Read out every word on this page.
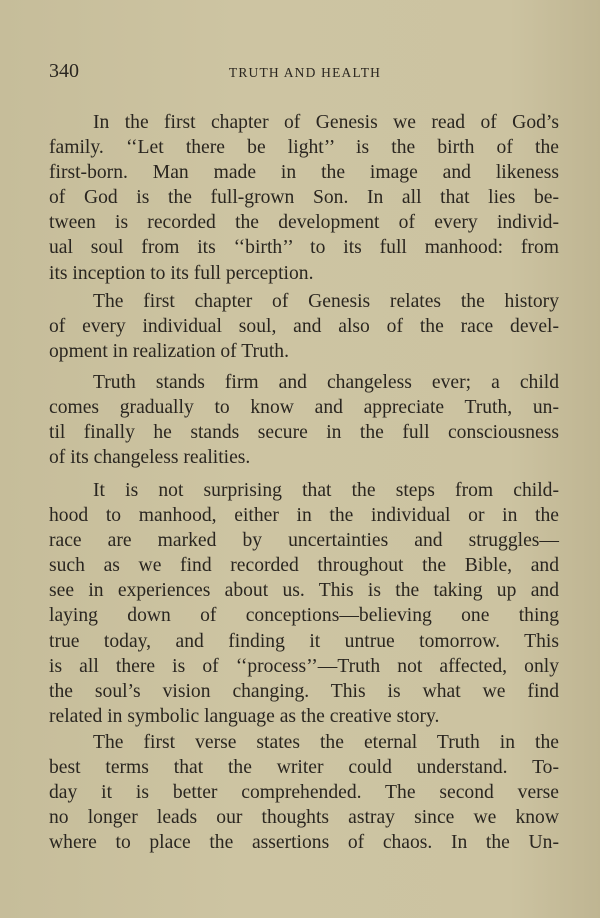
340	TRUTH AND HEALTH
In the first chapter of Genesis we read of God’s
family. ‘‘Let there be light’’ is the birth of the
first-born. Man made in the image and likeness
of God is the full-grown Son. In all that lies be-
tween is recorded the development of every individ-
ual soul from its ‘‘birth’’ to its full manhood: from
its inception to its full perception.
The first chapter of Genesis relates the history
of every individual soul, and also of the race devel-
opment in realization of Truth.
Truth stands firm and changeless ever; a child
comes gradually to know and appreciate Truth, un-
til finally he stands secure in the full consciousness
of its changeless realities.
It is not surprising that the steps from child-
hood to manhood, either in the individual or in the
race are marked by uncertainties and struggles—
such as we find recorded throughout the Bible, and
see in experiences about us. This is the taking up and
laying down of conceptions—believing one thing
true today, and finding it untrue tomorrow. This
is all there is of ‘‘process’’—Truth not affected, only
the soul’s vision changing. This is what we find
related in symbolic language as the creative story.
The first verse states the eternal Truth in the
best terms that the writer could understand. To-
day it is better comprehended. The second verse
no longer leads our thoughts astray since we know
where to place the assertions of chaos. In the Un-
